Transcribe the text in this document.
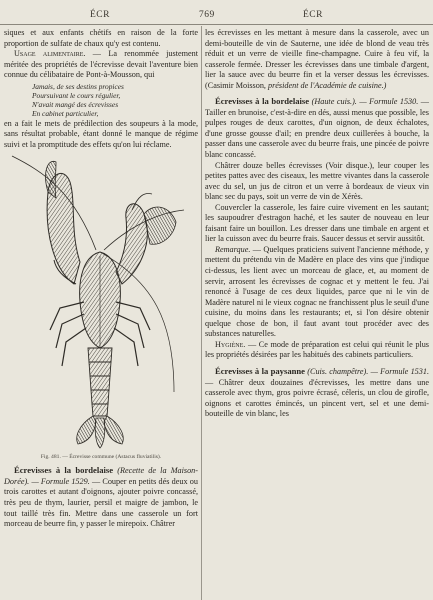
ÉCR	769	ÉCR

siques et aux enfants chétifs en raison de la forte proportion de sulfate de chaux qu'y est contenu.

Usage alimentaire. — La renommée justement méritée des propriétés de l'écrevisse devait l'aventure bien connue du célibataire de Pont-à-Mousson, qui

Jamais, de ses destins propices
Poursuivant le cours régulier,
N'avait mangé des écrevisses
En cabinet particulier,

en a fait le mets de prédilection des soupeurs à la mode, sans résultat probable, étant donné le manque de régime suivi et la promptitude des effets qu'on lui réclame.

Fig. 481. — Écrevisse commune (Astacus fluviatilis).

Écrevisses à la bordelaise (Recette de la Maison-Dorée). — Formule 1529. — Couper en petits dés deux ou trois carottes et autant d'oignons, ajouter poivre concassé, très peu de thym, laurier, persil et maigre de jambon, le tout taillé très fin. Mettre dans une casserole un fort morceau de beurre fin, y passer le mirepoix. Châtrer

les écrevisses en les mettant à mesure dans la casserole, avec un demi-bouteille de vin de Sauterne, une idée de blond de veau très réduit et un verre de vieille fine-champagne. Cuire à feu vif, la casserole fermée. Dresser les écrevisses dans une timbale d'argent, lier la sauce avec du beurre fin et la verser dessus les écrevisses. (Casimir Moisson, président de l'Académie de cuisine.)

Écrevisses à la bordelaise (Haute cuis.). — Formule 1530. — Tailler en brunoise, c'est-à-dire en dés, aussi menus que possible, les pulpes rouges de deux carottes, d'un oignon, de deux échalotes, d'une grosse gousse d'ail; en prendre deux cuillerées à bouche, la passer dans une casserole avec du beurre frais, une pincée de poivre blanc concassé.

Châtrer douze belles écrevisses (Voir disque.), leur couper les petites pattes avec des ciseaux, les mettre vivantes dans la casserole avec du sel, un jus de citron et un verre à bordeaux de vieux vin blanc sec du pays, soit un verre de vin de Xérès.

Couvercler la casserole, les faire cuire vivement en les sautant; les saupoudrer d'estragon haché, et les sauter de nouveau en leur faisant faire un bouillon. Les dresser dans une timbale en argent et lier la cuisson avec du beurre frais. Saucer dessus et servir aussitôt.

Remarque. — Quelques praticiens suivent l'ancienne méthode, y mettent du prétendu vin de Madère en place des vins que j'indique ci-dessus, les lient avec un morceau de glace, et, au moment de servir, arrosent les écrevisses de cognac et y mettent le feu. J'ai renoncé à l'usage de ces deux liquides, parce que ni le vin de Madère naturel ni le vieux cognac ne franchissent plus le seuil d'une cuisine, du moins dans les restaurants; et, si l'on désire obtenir quelque chose de bon, il faut avant tout procéder avec des substances naturelles.

Hygiène. — Ce mode de préparation est celui qui réunit le plus les propriétés désirées par les habitués des cabinets particuliers.

Écrevisses à la paysanne (Cuis. champêtre). — Formule 1531. — Châtrer deux douzaines d'écrevisses, les mettre dans une casserole avec thym, gros poivre écrasé, céleris, un clou de girofle, oignons et carottes émincés, un pincent vert, sel et une demi-bouteille de vin blanc, les
